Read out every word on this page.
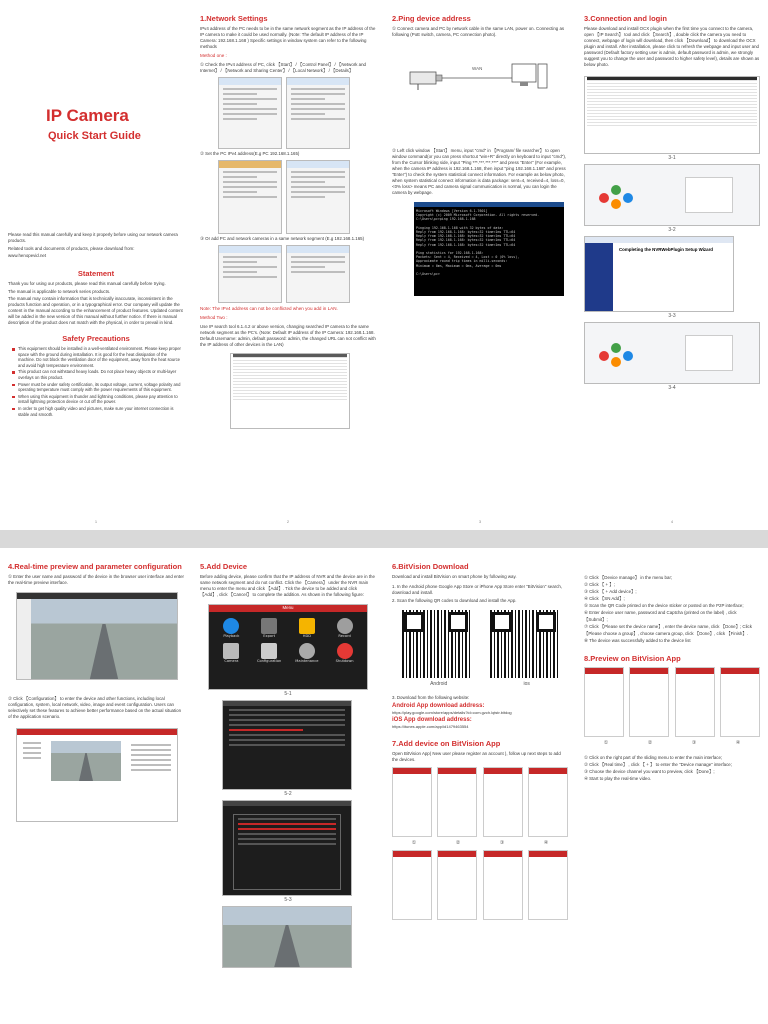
IP Camera
Quick Start Guide

Please read this manual carefully and keep it properly before using our network camera products.

Related tools and documents of products, please download from:

www.henopevid.net

Statement

Thank you for using our products, please read this manual carefully before trying.

The manual is applicable to network series products.

The manual may contain information that is technically inaccurate, inconsistent in the products function and operation, or in a typographical error. Our company will update the content in the manual according to the enhancement of product features. Updated content will be added in the new version of this manual without further notice. If there is manual description of the product does not match with the physical, in order to prevail in kind.

Safety Precautions
This equipment should be installed in a well-ventilated environment. Please keep proper space with the ground during installation. It is good for the heat dissipation of the machine. Do not block the ventilation door of the equipment, away from the heat source and avoid high temperature environment.
This product can not withstand heavy loads. Do not place heavy objects or multi-layer overlays on this product.
Power must be under safety certification, its output voltage, current, voltage polarity and operating temperature must comply with the power requirements of this equipment.
When using this equipment in thunder and lightning conditions, please pay attention to install lightning protection device or cut off the power.
In order to get high quality video and pictures, make sure your internet connection is stable and smooth.
1
1.Network Settings
IPv4 address of the PC needs to be in the same network segment as the IP address of the IP camera to make it could be used normally. (Note: The default IP address of the IP Camera: 192.168.1.168 ) Specific settings in window system can refer to the following methods
Method one :
① Check the IPv4 address of PC, click 【Start】 / 【Control Panel】 / 【Network and Internet】 / 【Network and Sharing Center】 / 【Local Network】 / 【Details】
② Set the PC IPv4 address(E.g PC 192.168.1.165)
③ Or add PC and network cameras in a same network segment (E.g 192.168.1.165)
Note: The IPv4 address can not be conflicted when you add in LAN.
Method Two :
Use IP search tool 6.1.4.2 or above version, changing searched IP camera to the same network segment as the PC's. (Note: Default IP address of the IP Camera: 192.168.1.168. Default Username: admin, default password: admin, the changed URL can not conflict with the IP address of other devices in the LAN)
2
2.Ping device address
① Connect camera and PC by network cable in the same LAN, power on. Connecting as following (PoE switch, camera, PC connection photo).
WAN
② Left click window 【Start】 menu, input "cmd" in 【Program/ file searcher】 to open window command(or you can press shortcut "win+R" directly on keyboard to input "cmd"), from the Cursor blinking side, input "Ping ***.***.***.***" and press "Enter" (For example, when the camera IP address is 192.168.1.168, then input "ping 192.168.1.168" and press "Enter") to check the system statistical connect information. For example as below photo, when system statistical connect information is data package: sent=4, received=4, loss=0, <0% loss> means PC and camera signal communication is normal, you can login the camera by webpage.
Microsoft Windows [Version 6.1.7601]
Copyright (c) 2009 Microsoft Corporation. All rights reserved.
C:\Users\pc>ping 192.168.1.168

Pinging 192.168.1.168 with 32 bytes of data:
Reply from 192.168.1.168: bytes=32 time<1ms TTL=64
Reply from 192.168.1.168: bytes=32 time<1ms TTL=64
Reply from 192.168.1.168: bytes=32 time<1ms TTL=64
Reply from 192.168.1.168: bytes=32 time<1ms TTL=64

Ping statistics for 192.168.1.168:
Packets: Sent = 4, Received = 4, Lost = 0 (0% loss),
Approximate round trip times in milli-seconds:
Minimum = 0ms, Maximum = 0ms, Average = 0ms

C:\Users\pc>
3
3.Connection and login
Please download and install OCX plugin when the first time you connect to the camera, open 【IP Search】 tool and click 【Search】, double click the camera you need to connect, webpage of login will download, then click 【Download】 to download the OCX plugin and install. After installation, please click to refresh the webpage and input user and password (Default factory setting user is admin, default password is admin, we strongly suggest you to change the user and password to higher safety level), details are shown as below photo.
3-1
3-2
Completing the NVRWebPlugin Setup Wizard
3-3
3-4
4
4.Real-time preview and parameter configuration
① Enter the user name and password of the device in the browser user interface and enter the real-time preview interface.
② Click 【Configuration】 to enter the device and other functions, including local configuration, system, local network, video, image and event configuration. Users can selectively set these features to achieve better performance based on the actual situation of the application scenario.
5.Add Device
Before adding device, please confirm that the IP address of NVR and the device are in the same network segment and do not conflict. Click the 【Camera】 under the NVR main menu to enter the menu and click 【Add】. Tick the device to be added and click 【Add】, click 【Cancel】 to complete the addition. As shown in the following figure:
Menu
Playback	Export	HDD	Record
Camera	Configuration	Maintenance	Shutdown
5-1
5-2
5-3
6.BitVision Download
Download and install BitVision on smart phone by following way.
1. In the Android phone Google App Store or iPhone App Store enter "BitVision" search, download and install.
2. Scan the following QR codes to download and install the App.
Android	ios
3. Download from the following website:
Android App download address:
https://play.google.com/store/apps/details?id=com.gzch.lqtstr.bitdog
iOS App download address:
https://itunes.apple.com/app/id1479463554
7.Add device on BitVision App
Open BitVision App( New user please register an account ), follow up next steps to add the devices.
①	②	③	④
① Click 【Device manage】 in the menu bar;
② Click 【 + 】;
③ Click 【 + Add device】;
④ Click 【SN Add】;
⑤ Scan the QR Code printed on the device sticker or posted on the P2P interface;
⑥ Enter device user name, password and Captcha (printed on the label) , click 【Submit】;
⑦ Click 【Please set the device name】, enter the device name, click 【Done】; Click 【Please choose a group】, choose camera group, click 【Done】, click 【Finish】.
⑧ The device was successfully added to the device list
8.Preview on BitVision App
①	②	③	④
① Click on the right part of the sliding menu to enter the main interface;
② Click 【Real time】 , click 【 + 】 to enter the "Device manage" interface;
③ Choose the device channel you want to preview, click 【Done】;
④ Start to play the real-time video.
